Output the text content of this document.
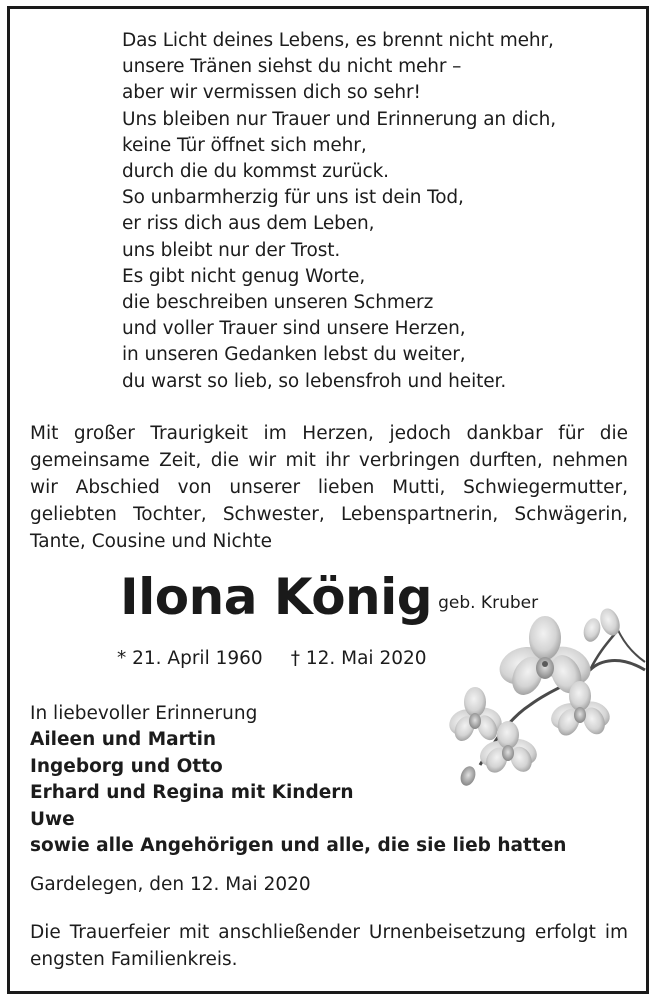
Das Licht deines Lebens, es brennt nicht mehr,
unsere Tränen siehst du nicht mehr –
aber wir vermissen dich so sehr!
Uns bleiben nur Trauer und Erinnerung an dich,
keine Tür öffnet sich mehr,
durch die du kommst zurück.
So unbarmherzig für uns ist dein Tod,
er riss dich aus dem Leben,
uns bleibt nur der Trost.
Es gibt nicht genug Worte,
die beschreiben unseren Schmerz
und voller Trauer sind unsere Herzen,
in unseren Gedanken lebst du weiter,
du warst so lieb, so lebensfroh und heiter.
Mit großer Traurigkeit im Herzen, jedoch dankbar für die gemeinsame Zeit, die wir mit ihr verbringen durften, nehmen wir Abschied von unserer lieben Mutti, Schwiegermutter, geliebten Tochter, Schwester, Lebenspartnerin, Schwägerin, Tante, Cousine und Nichte
Ilona König geb. Kruber
* 21. April 1960 † 12. Mai 2020
In liebevoller Erinnerung
Aileen und Martin
Ingeborg und Otto
Erhard und Regina mit Kindern
Uwe
sowie alle Angehörigen und alle, die sie lieb hatten
Gardelegen, den 12. Mai 2020
Die Trauerfeier mit anschließender Urnenbeisetzung erfolgt im engsten Familienkreis.
